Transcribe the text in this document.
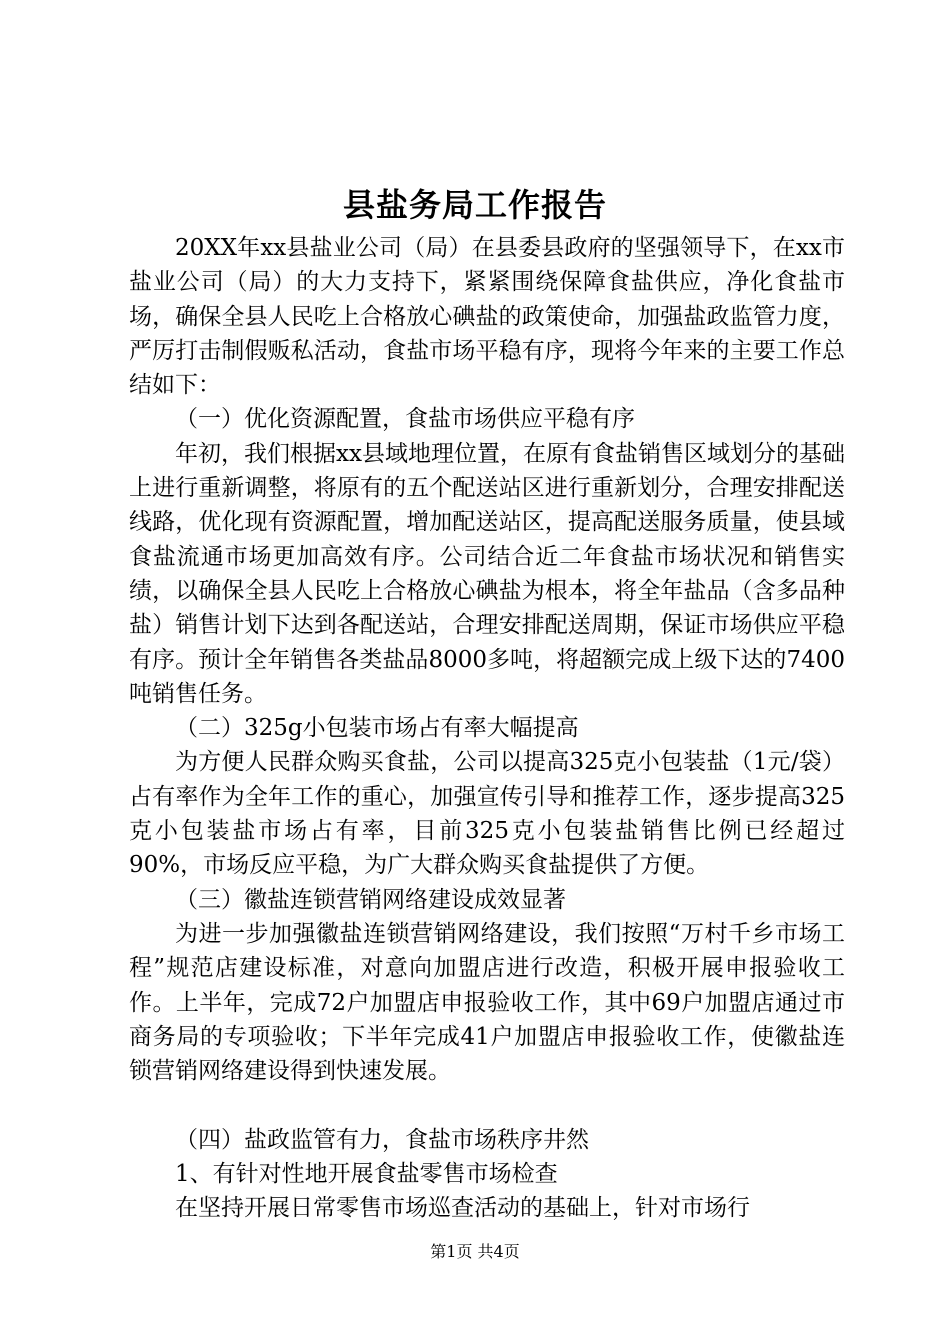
县盐务局工作报告

20XX年xx县盐业公司（局）在县委县政府的坚强领导下，在xx市盐业公司（局）的大力支持下，紧紧围绕保障食盐供应，净化食盐市场，确保全县人民吃上合格放心碘盐的政策使命，加强盐政监管力度，严厉打击制假贩私活动，食盐市场平稳有序，现将今年来的主要工作总结如下：

（一）优化资源配置，食盐市场供应平稳有序

年初，我们根据xx县域地理位置，在原有食盐销售区域划分的基础上进行重新调整，将原有的五个配送站区进行重新划分，合理安排配送线路，优化现有资源配置，增加配送站区，提高配送服务质量，使县域食盐流通市场更加高效有序。公司结合近二年食盐市场状况和销售实绩，以确保全县人民吃上合格放心碘盐为根本，将全年盐品（含多品种盐）销售计划下达到各配送站，合理安排配送周期，保证市场供应平稳有序。预计全年销售各类盐品8000多吨，将超额完成上级下达的7400吨销售任务。

（二）325g小包装市场占有率大幅提高

为方便人民群众购买食盐，公司以提高325克小包装盐（1元/袋）占有率作为全年工作的重心，加强宣传引导和推荐工作，逐步提高325克小包装盐市场占有率，目前325克小包装盐销售比例已经超过90%，市场反应平稳，为广大群众购买食盐提供了方便。

（三）徽盐连锁营销网络建设成效显著

为进一步加强徽盐连锁营销网络建设，我们按照“万村千乡市场工程”规范店建设标准，对意向加盟店进行改造，积极开展申报验收工作。上半年，完成72户加盟店申报验收工作，其中69户加盟店通过市商务局的专项验收；下半年完成41户加盟店申报验收工作，使徽盐连锁营销网络建设得到快速发展。

（四）盐政监管有力，食盐市场秩序井然

1、有针对性地开展食盐零售市场检查

在坚持开展日常零售市场巡查活动的基础上，针对市场行

第1页 共4页
